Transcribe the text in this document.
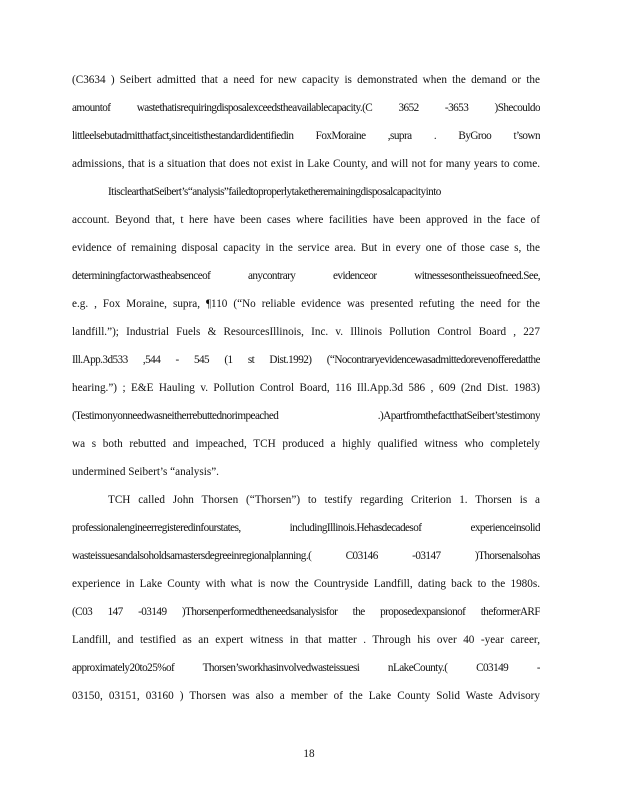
(C3634 ) Seibert admitted that a need for new capacity is demonstrated when the demand or the
amountof wastethatisrequiringdisposalexceedstheavailablecapacity.(C 3652 -3653 )Shecouldo
littleelsebutadmitthatfact,sinceitisthestandardidentifiedin FoxMoraine ,supra . ByGroo t’sown
admissions, that is a situation that does not exist in Lake County, and will not for many years to come.
ItisclearthatSeibert’s“analysis”failedtoproperlytaketheremainingdisposalcapacityinto
account. Beyond that, t here have been cases where facilities have been approved in the face of
evidence of remaining disposal capacity in the service area. But in every one of those case s, the
determiningfactorwastheabsenceof anycontrary evidenceor witnessesontheissueofneed.See,
e.g. , Fox Moraine, supra, ¶110 (“No reliable evidence was presented refuting the need for the
landfill.”); Industrial Fuels & ResourcesIllinois, Inc. v. Illinois Pollution Control Board , 227
Ill.App.3d533 ,544 - 545 (1 st Dist.1992) (“Nocontraryevidencewasadmittedorevenofferedatthe
hearing.”) ; E&E Hauling v. Pollution Control Board, 116 Ill.App.3d 586 , 609 (2nd Dist. 1983)
(Testimonyonneedwasneitherrebuttednorimpeached .)ApartfromthefactthatSeibert’stestimony
wa s both rebutted and impeached, TCH produced a highly qualified witness who completely
undermined Seibert’s “analysis”.
TCH called John Thorsen (“Thorsen”) to testify regarding Criterion 1. Thorsen is a
professionalengineerregisteredinfourstates, includingIllinois.Hehasdecadesof experienceinsolid
wasteissuesandalsoholdsamastersdegreeinregionalplanning.( C03146 -03147 )Thorsenalsohas
experience in Lake County with what is now the Countryside Landfill, dating back to the 1980s.
(C03 147 -03149 )Thorsenperformedtheneedsanalysisfor the proposedexpansionof theformerARF
Landfill, and testified as an expert witness in that matter . Through his over 40 -year career,
approximately20to25%of Thorsen’sworkhasinvolvedwasteissuesi nLakeCounty.( C03149 -
03150, 03151, 03160 ) Thorsen was also a member of the Lake County Solid Waste Advisory
18
